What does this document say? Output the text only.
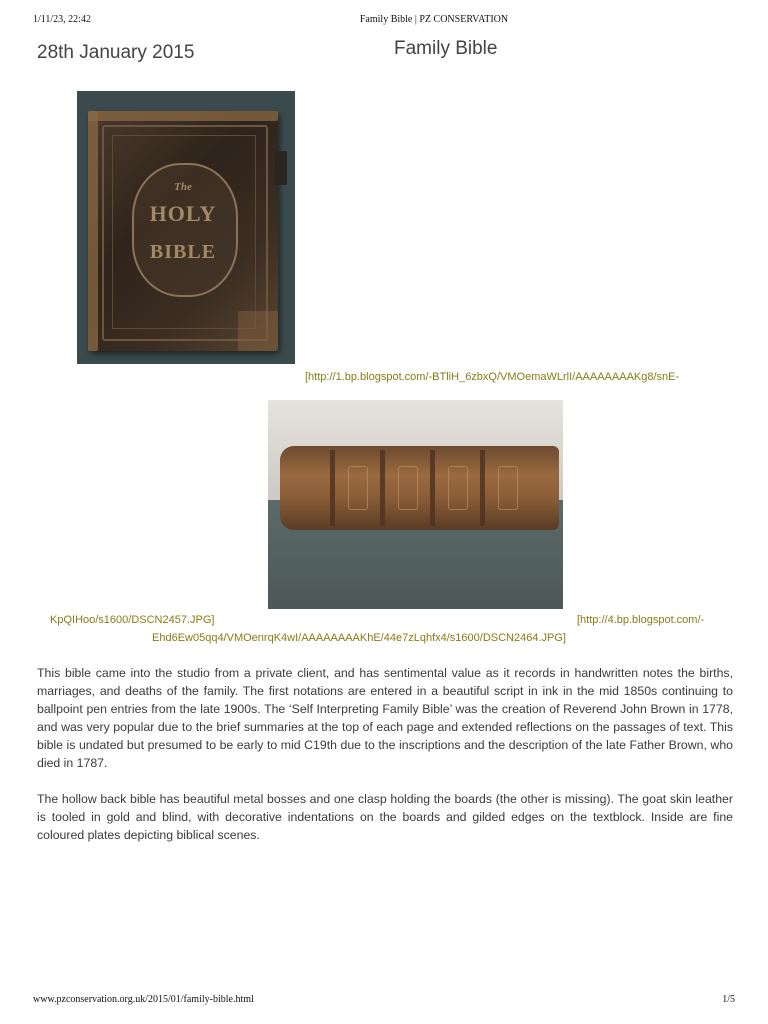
1/11/23, 22:42	Family Bible | PZ CONSERVATION
28th January 2015	Family Bible
The
HOLY
BIBLE
[http://1.bp.blogspot.com/-BTliH_6zbxQ/VMOemaWLrlI/AAAAAAAAKg8/snE-
KpQIHoo/s1600/DSCN2457.JPG]	[http://4.bp.blogspot.com/-
Ehd6Ew05qq4/VMOenrqK4wI/AAAAAAAAKhE/44e7zLqhfx4/s1600/DSCN2464.JPG]

This bible came into the studio from a private client, and has sentimental value as it records in handwritten notes the births, marriages, and deaths of the family. The first notations are entered in a beautiful script in ink in the mid 1850s continuing to ballpoint pen entries from the late 1900s. The ‘Self Interpreting Family Bible’ was the creation of Reverend John Brown in 1778, and was very popular due to the brief summaries at the top of each page and extended reflections on the passages of text. This bible is undated but presumed to be early to mid C19th due to the inscriptions and the description of the late Father Brown, who died in 1787.

The hollow back bible has beautiful metal bosses and one clasp holding the boards (the other is missing). The goat skin leather is tooled in gold and blind, with decorative indentations on the boards and gilded edges on the textblock. Inside are fine coloured plates depicting biblical scenes.

www.pzconservation.org.uk/2015/01/family-bible.html	1/5
